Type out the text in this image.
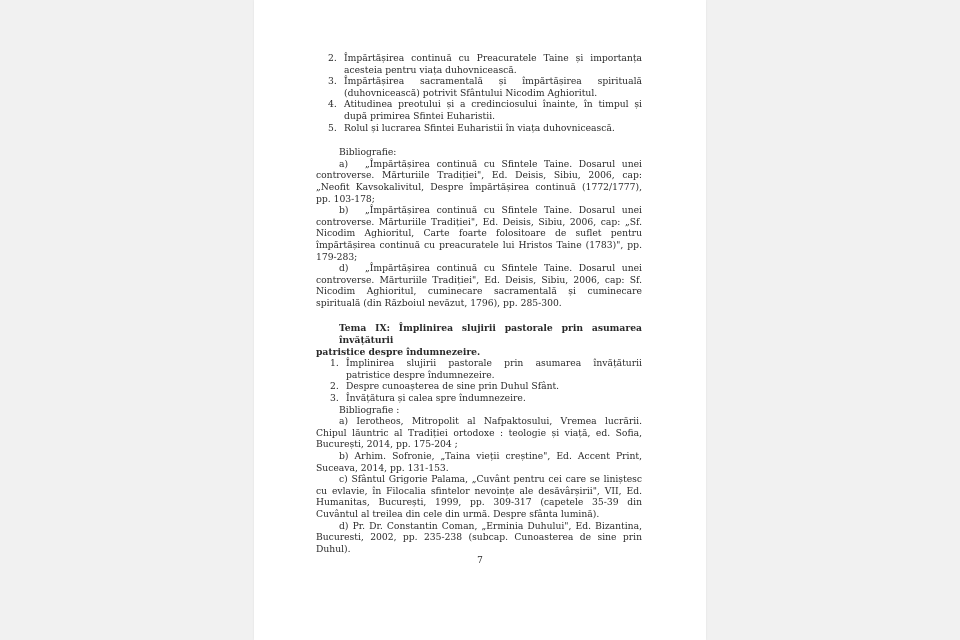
2. Împărtășirea continuă cu Preacuratele Taine și importanța acesteia pentru viața duhovnicească.
3. Împărtășirea sacramentală și împărtășirea spirituală (duhovnicească) potrivit Sfântului Nicodim Aghioritul.
4. Atitudinea preotului și a credinciosului înainte, în timpul și după primirea Sfintei Euharistii.
5. Rolul și lucrarea Sfintei Euharistii în viața duhovnicească.
Bibliografie:
a) „Împărtășirea continuă cu Sfintele Taine. Dosarul unei controverse. Mărturiile Tradiției", Ed. Deisis, Sibiu, 2006, cap: „Neofit Kavsokalivitul, Despre împărtășirea continuă (1772/1777), pp. 103-178;
b) „Împărtășirea continuă cu Sfintele Taine. Dosarul unei controverse. Mărturiile Tradiției", Ed. Deisis, Sibiu, 2006, cap: „Sf. Nicodim Aghioritul, Carte foarte folositoare de suflet pentru împărtășirea continuă cu preacuratele lui Hristos Taine (1783)", pp. 179-283;
d) „Împărtășirea continuă cu Sfintele Taine. Dosarul unei controverse. Mărturiile Tradiției", Ed. Deisis, Sibiu, 2006, cap: Sf. Nicodim Aghioritul, cuminecare sacramentală și cuminecare spirituală (din Războiul nevăzut, 1796), pp. 285-300.
Tema IX: Împlinirea slujirii pastorale prin asumarea învățăturii
patristice despre îndumnezeire.
1. Împlinirea slujirii pastorale prin asumarea învățăturii patristice despre îndumnezeire.
2. Despre cunoașterea de sine prin Duhul Sfânt.
3. Învățătura și calea spre îndumnezeire.
Bibliografie :
a) Ierotheos, Mitropolit al Nafpaktosului, Vremea lucrării. Chipul lăuntric al Tradiției ortodoxe : teologie și viață, ed. Sofia, București, 2014, pp. 175-204 ;
b) Arhim. Sofronie, „Taina vieții creștine", Ed. Accent Print, Suceava, 2014, pp. 131-153.
c) Sfântul Grigorie Palama, „Cuvânt pentru cei care se liniștesc cu evlavie, în Filocalia sfintelor nevoințe ale desăvârșirii", VII, Ed. Humanitas, București, 1999, pp. 309-317 (capetele 35-39 din Cuvântul al treilea din cele din urmă. Despre sfânta lumină).
d) Pr. Dr. Constantin Coman, „Erminia Duhului", Ed. Bizantina, Bucuresti, 2002, pp. 235-238 (subcap. Cunoasterea de sine prin Duhul).
7
